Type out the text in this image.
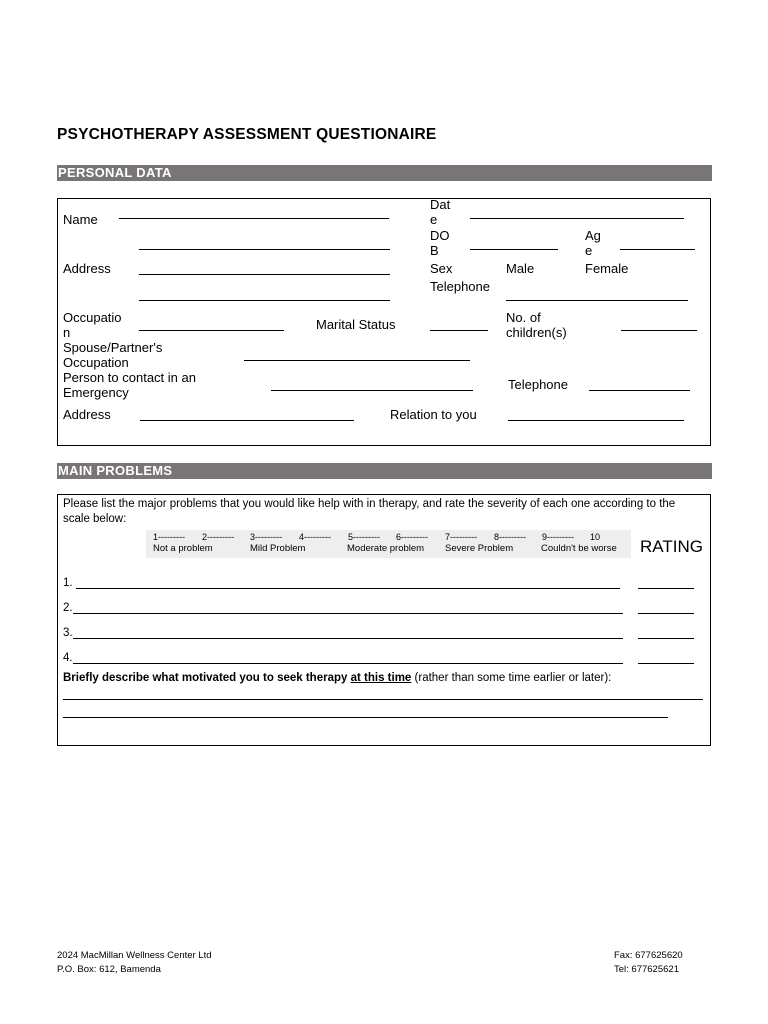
PSYCHOTHERAPY ASSESSMENT QUESTIONAIRE
PERSONAL DATA
Name
Date
DOB
Age
Address	Sex	Male	Female
Telephone
Occupation
Marital Status	No. of children(s)
Spouse/Partner's Occupation
Person to contact in an Emergency
Telephone
Address	Relation to you
MAIN PROBLEMS
Please list the major problems that you would like help with in therapy, and rate the severity of each one according to the scale below:
1--------- 2--------- 3--------- 4--------- 5--------- 6--------- 7--------- 8--------- 9--------- 10
Not a problem	Mild Problem	Moderate problem Severe Problem	Couldn't be worse RATING
1.
2.
3.
4.
Briefly describe what motivated you to seek therapy at this time (rather than some time earlier or later):
2024 MacMillan Wellness Center Ltd
P.O. Box: 612, Bamenda
Fax: 677625620
Tel: 677625621
